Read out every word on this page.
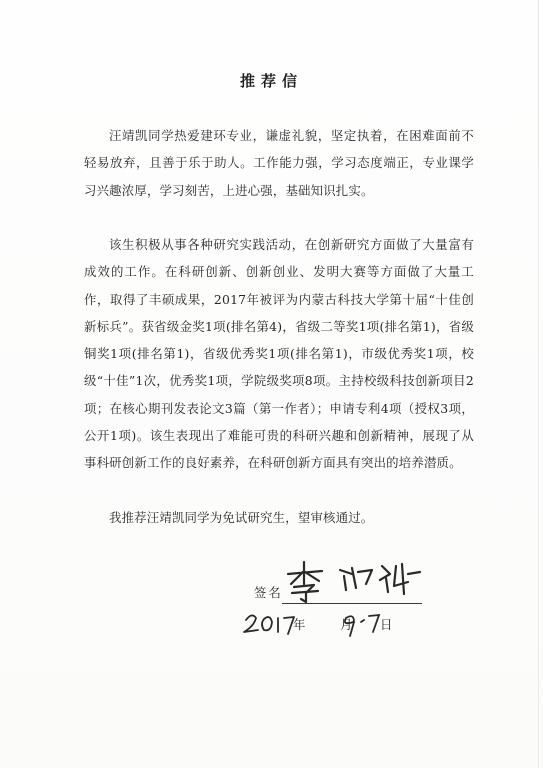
推荐信

汪靖凯同学热爱建环专业，谦虚礼貌，坚定执着，在困难面前不轻易放弃，且善于乐于助人。工作能力强，学习态度端正，专业课学习兴趣浓厚，学习刻苦，上进心强，基础知识扎实。

该生积极从事各种研究实践活动，在创新研究方面做了大量富有成效的工作。在科研创新、创新创业、发明大赛等方面做了大量工作，取得了丰硕成果，2017年被评为内蒙古科技大学第十届“十佳创新标兵”。获省级金奖1项(排名第4)，省级二等奖1项(排名第1)，省级铜奖1项(排名第1)，省级优秀奖1项(排名第1)，市级优秀奖1项，校级“十佳”1次，优秀奖1项，学院级奖项8项。主持校级科技创新项目2项；在核心期刊发表论文3篇（第一作者）；申请专利4项（授权3项，公开1项)。该生表现出了难能可贵的科研兴趣和创新精神，展现了从事科研创新工作的良好素养，在科研创新方面具有突出的培养潜质。

我推荐汪靖凯同学为免试研究生，望审核通过。

签名
年	月 日
